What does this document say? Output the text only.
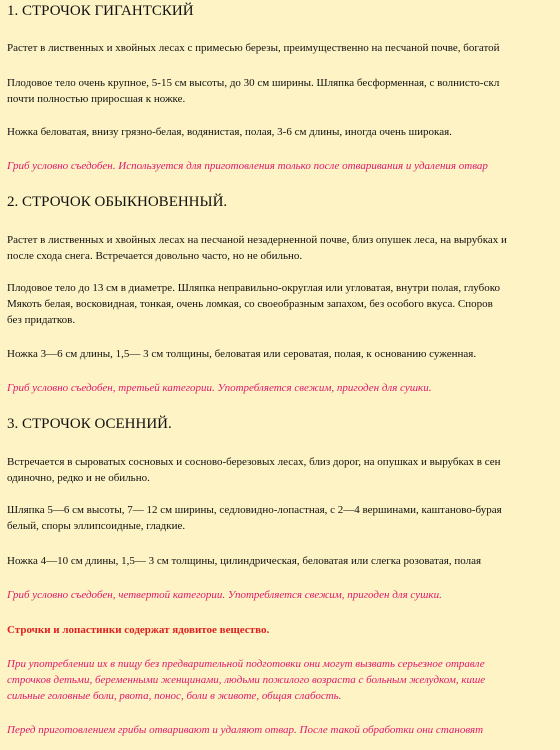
1. СТРОЧОК ГИГАНТСКИЙ

Растет в лиственных и хвойных лесах с примесью березы, преимущественно на песчаной почве, богатой

Плодовое тело очень крупное, 5-15 см высоты, до 30 см ширины. Шляпка бесформенная, с волнисто-скл

почти полностью приросшая к ножке.

Ножка беловатая, внизу грязно-белая, водянистая, полая, 3-6 см длины, иногда очень широкая.

Гриб условно съедобен. Используется для приготовления только после отваривания и удаления отвар

2. СТРОЧОК ОБЫКНОВЕННЫЙ.

Растет в лиственных и хвойных лесах на песчаной незадерненной почве, близ опушек леса, на вырубках и

после схода снега. Встречается довольно часто, но не обильно.

Плодовое тело до 13 см в диаметре. Шляпка неправильно-округлая или угловатая, внутри полая, глубоко

Мякоть белая, восковидная, тонкая, очень ломкая, со своеобразным запахом, без особого вкуса. Споров

без придатков.

Ножка 3—6 см длины, 1,5— 3 см толщины, беловатая или сероватая, полая, к основанию суженная.

Гриб условно съедобен, третьей категории. Употребляется свежим, пригоден для сушки.

3. СТРОЧОК ОСЕННИЙ.

Встречается в сыроватых сосновых и сосново-березовых лесах, близ дорог, на опушках и вырубках в сен

одиночно, редко и не обильно.

Шляпка 5—6 см высоты, 7— 12 см ширины, седловидно-лопастная, с 2—4 вершинами, каштаново-бурая

белый, споры эллипсоидные, гладкие.

Ножка 4—10 см длины, 1,5— 3 см толщины, цилиндрическая, беловатая или слегка розоватая, полая

Гриб условно съедобен, четвертой категории. Употребляется свежим, пригоден для сушки.

Строчки и лопастинки содержат ядовитое вещество.

При употреблении их в пищу без предварительной подготовки они могут вызвать серьезное отравле

строчков детьми, беременными женщинами, людьми пожилого возраста с больным желудком, кише

сильные головные боли, рвота, понос, боли в животе, общая слабость.

Перед приготовлением грибы отваривают и удаляют отвар. После такой обработки они становят
